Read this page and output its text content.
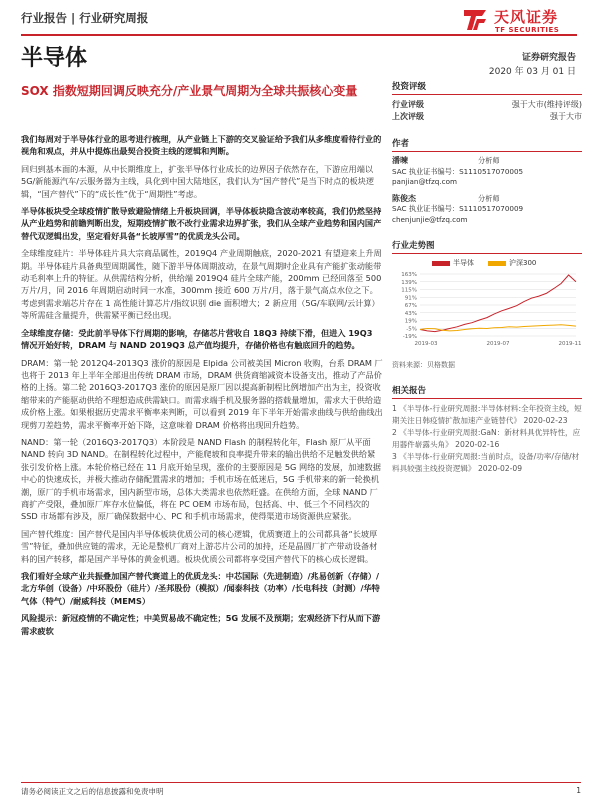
行业报告 | 行业研究周报	天风证券
TF SECURITIES
半导体	证券研究报告
2020 年 03 月 01 日
SOX 指数短期回调反映充分/产业景气周期为全球共振核心变量

我们每周对于半导体行业的思考进行梳理，从产业链上下游的交叉验证给予我们从多维度看待行业的视角和观点，并从中提炼出最契合投资主线的逻辑和判断。

回归到基本面的本源，从中长期维度上，扩张半导体行业成长的边界因子依然存在，下游应用端以 5G/新能源汽车/云服务器为主线，具化到中国大陆地区，我们认为“国产替代”是当下时点的板块逻辑，“国产替代”下的“成长性”优于“周期性”考虑。

半导体板块受全球疫情扩散导致避险情绪上升板块回调，半导体板块隐含波动率较高，我们仍然坚持从产业趋势和前瞻判断出发，短期疫情扩散不改行业需求边界扩张，我们从全球产业趋势和国内国产替代双逻辑出发，坚定看好具备“长坡厚雪”的优质龙头公司。

全球维度硅片：半导体硅片具大宗商品属性，2019Q4 产业周期触底，2020-2021 有望迎来上升周期。半导体硅片具备典型周期属性，随下游半导体周期波动，在景气周期时企业具有产能扩张动能带动毛利率上升的特征。从供需结构分析，供给端 2019Q4 硅片全球产能，200mm 已经回落至 500 万片/月，同 2016 年周期启动时同一水准，300mm 接近 600 万片/月，落于景气高点水位之下。考虑到需求端芯片存在 1 高性能计算芯片/指纹识别 die 面积增大；2 新应用（5G/车联网/云计算）等所需硅含量提升，供需紧平衡已经出现。

全球维度存储：受此前半导体下行周期的影响，存储芯片营收自 18Q3 持续下滑，但进入 19Q3 情况开始好转，DRAM 与 NAND 2019Q3 总产值均提升，存储价格也有触底回升的趋势。

DRAM：第一轮 2012Q4-2013Q3 涨价的原因是 Elpida 公司被美国 Micron 收购，台系 DRAM 厂也将于 2013 年上半年全部退出传统 DRAM 市场，DRAM 供货商缩减资本设备支出，推动了产品价格的上扬。第二轮 2016Q3-2017Q3 涨价的原因是原厂因以提高新制程比例增加产出为主，投资收缩带来的产能驱动供给不理想造成供需缺口。而需求端手机及服务器的搭载量增加，需求大于供给造成价格上涨。如果根据历史需求平衡率来判断，可以看到 2019 年下半年开始需求曲线与供给曲线出现剪刀差趋势，需求平衡率开始下降，这意味着 DRAM 价格将出现回升趋势。

NAND：第一轮（2016Q3-2017Q3）本阶段是 NAND Flash 的制程转化年，Flash 原厂从平面 NAND 转向 3D NAND。在制程转化过程中，产能爬坡和良率提升带来的输出供给不足触发供给紧张引发价格上涨。本轮价格已经在 11 月底开始呈现，涨价的主要原因是 5G 网络的发展，加速数据中心的快速成长，并极大推动存储配置需求的增加；手机市场在低迷后，5G 手机带来的新一轮换机潮，原厂的手机市场需求，国内新型市场，总体大类需求也依然旺盛。在供给方面，全球 NAND 厂商扩产受限，叠加原厂库存水位偏低，将在 PC OEM 市场布局，包括高、中、低三个不同档次的 SSD 市场都有涉及，原厂确保数据中心、PC 和手机市场需求，使得渠道市场资源供应紧张。

国产替代维度：国产替代是国内半导体板块优质公司的核心逻辑，优质赛道上的公司都具备“长坡厚雪”特征，叠加供应链的需求，无论是整机厂商对上游芯片公司的加持，还是晶圆厂扩产带动设备材料的国产转移，都是国产半导体的黄金机遇。板块优质公司都将享受国产替代下的核心成长逻辑。

我们看好全球产业共振叠加国产替代赛道上的优质龙头：中芯国际（先进制造）/兆易创新（存储）/北方华创（设备）/中环股份（硅片）/圣邦股份（模拟）/闻泰科技（功率）/长电科技（封测）/华特气体（特气）/耐威科技（MEMS）

风险提示：新冠疫情的不确定性；中美贸易战不确定性；5G 发展不及预期；宏观经济下行从而下游需求疲软

投资评级
行业评级	强于大市(维持评级)
上次评级	强于大市
作者
潘暕	分析师
SAC 执业证书编号：S1110517070005
panjian@tfzq.com
陈俊杰	分析师
SAC 执业证书编号：S1110517070009
chenjunjie@tfzq.com
行业走势图
半导体	沪深300
163%
139%
115%
91%
67%
43%
19%
-5%
-19%
2019-03	2019-07	2019-11
资料来源：贝格数据
相关报告

1 《半导体-行业研究周报:半导体材料:全年投资主线，短期关注日韩疫情扩散加速产业链替代》 2020-02-23

2 《半导体-行业研究周报:GaN：新材料具优异特性，应用器件崭露头角》 2020-02-16

3 《半导体-行业研究周报:当前时点，设备/功率/存储/材料具较强主线投资逻辑》 2020-02-09

请务必阅读正文之后的信息披露和免责申明	1
